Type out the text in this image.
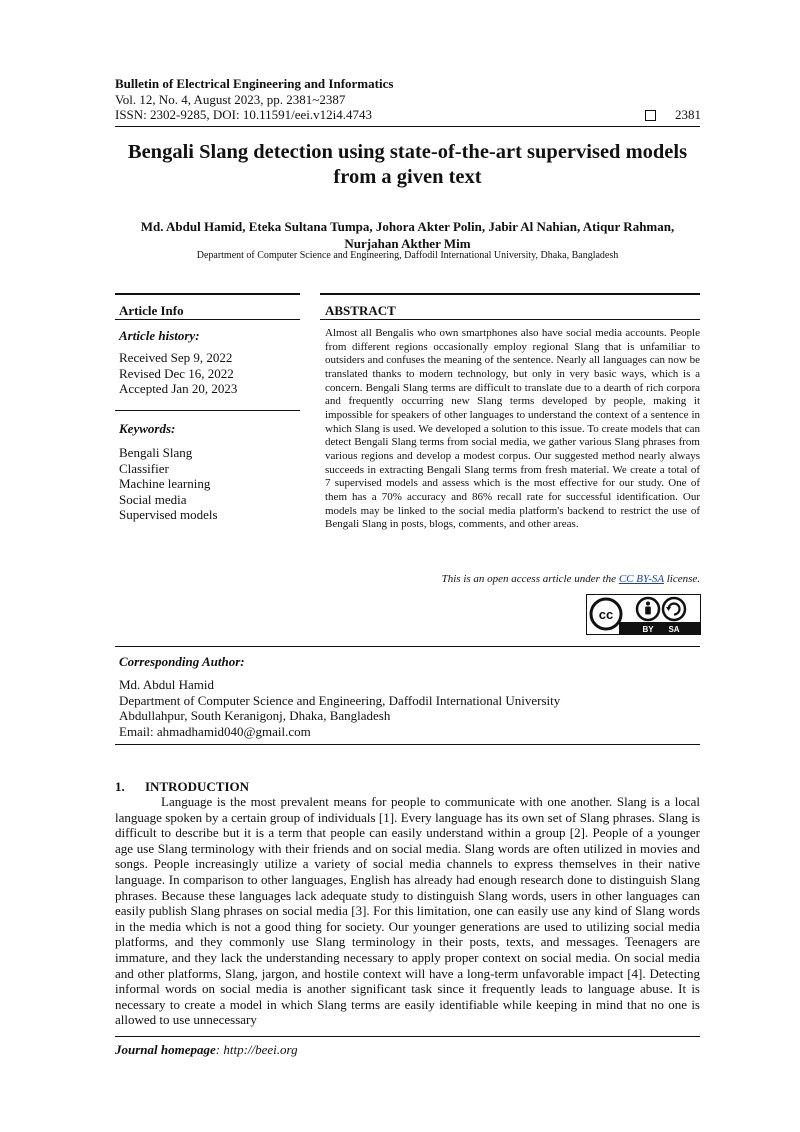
Bulletin of Electrical Engineering and Informatics
Vol. 12, No. 4, August 2023, pp. 2381~2387
ISSN: 2302-9285, DOI: 10.11591/eei.v12i4.4743	2381
Bengali Slang detection using state-of-the-art supervised models
from a given text
Md. Abdul Hamid, Eteka Sultana Tumpa, Johora Akter Polin, Jabir Al Nahian, Atiqur Rahman,
Nurjahan Akther Mim
Department of Computer Science and Engineering, Daffodil International University, Dhaka, Bangladesh
Article Info
Article history:
Received Sep 9, 2022
Revised Dec 16, 2022
Accepted Jan 20, 2023
Keywords:
Bengali Slang
Classifier
Machine learning
Social media
Supervised models
ABSTRACT
Almost all Bengalis who own smartphones also have social media accounts. People from different regions occasionally employ regional Slang that is unfamiliar to outsiders and confuses the meaning of the sentence. Nearly all languages can now be translated thanks to modern technology, but only in very basic ways, which is a concern. Bengali Slang terms are difficult to translate due to a dearth of rich corpora and frequently occurring new Slang terms developed by people, making it impossible for speakers of other languages to understand the context of a sentence in which Slang is used. We developed a solution to this issue. To create models that can detect Bengali Slang terms from social media, we gather various Slang phrases from various regions and develop a modest corpus. Our suggested method nearly always succeeds in extracting Bengali Slang terms from fresh material. We create a total of 7 supervised models and assess which is the most effective for our study. One of them has a 70% accuracy and 86% recall rate for successful identification. Our models may be linked to the social media platform's backend to restrict the use of Bengali Slang in posts, blogs, comments, and other areas.
This is an open access article under the CC BY-SA license.
cc
BY SA
Corresponding Author:
Md. Abdul Hamid
Department of Computer Science and Engineering, Daffodil International University
Abdullahpur, South Keranigonj, Dhaka, Bangladesh
Email: ahmadhamid040@gmail.com
1. INTRODUCTION
Language is the most prevalent means for people to communicate with one another. Slang is a local language spoken by a certain group of individuals [1]. Every language has its own set of Slang phrases. Slang is difficult to describe but it is a term that people can easily understand within a group [2]. People of a younger age use Slang terminology with their friends and on social media. Slang words are often utilized in movies and songs. People increasingly utilize a variety of social media channels to express themselves in their native language. In comparison to other languages, English has already had enough research done to distinguish Slang phrases. Because these languages lack adequate study to distinguish Slang words, users in other languages can easily publish Slang phrases on social media [3]. For this limitation, one can easily use any kind of Slang words in the media which is not a good thing for society. Our younger generations are used to utilizing social media platforms, and they commonly use Slang terminology in their posts, texts, and messages. Teenagers are immature, and they lack the understanding necessary to apply proper context on social media. On social media and other platforms, Slang, jargon, and hostile context will have a long-term unfavorable impact [4]. Detecting informal words on social media is another significant task since it frequently leads to language abuse. It is necessary to create a model in which Slang terms are easily identifiable while keeping in mind that no one is allowed to use unnecessary
Journal homepage: http://beei.org
